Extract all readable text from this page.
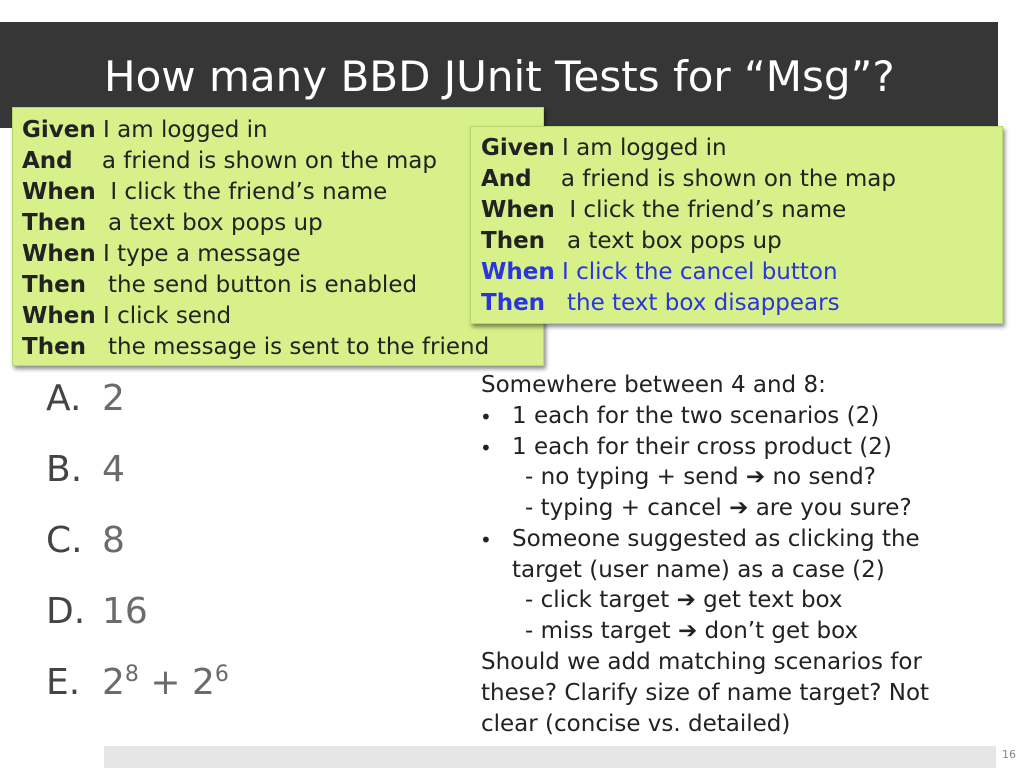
How many BBD JUnit Tests for “Msg”?
A. 2
B. 4
C. 8
D. 16
E. $2^8 + 2^6$
Somewhere between 4 and 8:
• 1 each for the two scenarios (2)
• 1 each for their cross product (2)
- no typing + send ➔ no send?
- typing + cancel ➔ are you sure?
• Someone suggested as clicking the
target (user name) as a case (2)
- click target ➔ get text box
- miss target ➔ don’t get box
Should we add matching scenarios for
these? Clarify size of name target? Not
clear (concise vs. detailed)
Given I am logged in
And    a friend is shown on the map
When  I click the friend’s name
Then   a text box pops up
When I type a message
Then   the send button is enabled
When I click send
Then   the message is sent to the friend
Given I am logged in
And    a friend is shown on the map
When  I click the friend’s name
Then   a text box pops up
When I click the cancel button
Then   the text box disappears
16
